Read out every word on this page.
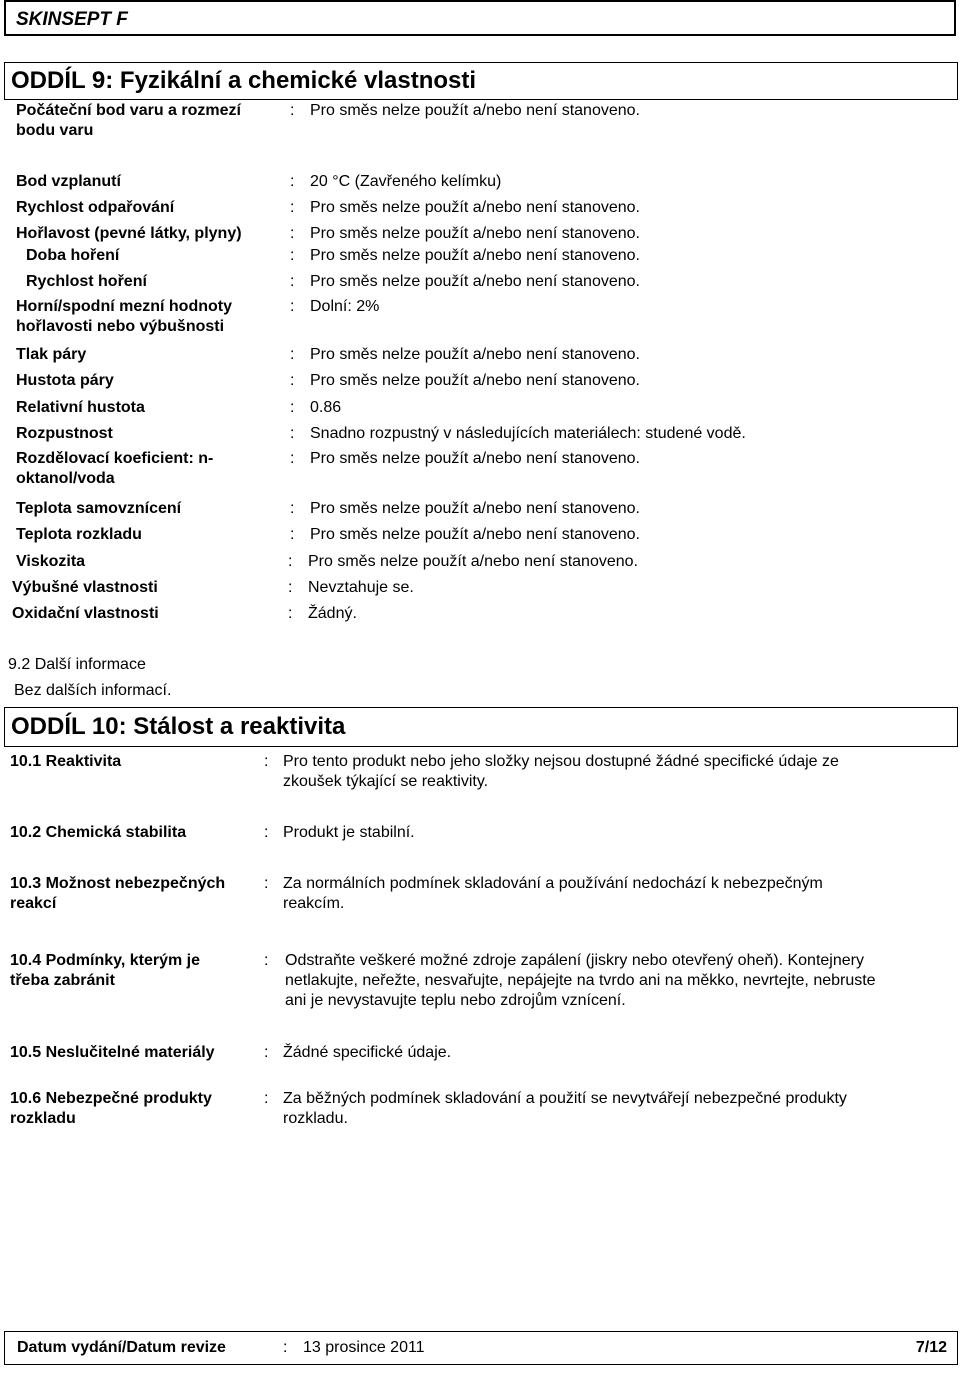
SKINSEPT F
ODDÍL 9: Fyzikální a chemické vlastnosti
Počáteční bod varu a rozmezí
bodu varu
: Pro směs nelze použít a/nebo není stanoveno.
Bod vzplanutí	: 20 °C (Zavřeného kelímku)
Rychlost odpařování	: Pro směs nelze použít a/nebo není stanoveno.
Hořlavost (pevné látky, plyny)	: Pro směs nelze použít a/nebo není stanoveno.
Doba hoření	: Pro směs nelze použít a/nebo není stanoveno.
Rychlost hoření	: Pro směs nelze použít a/nebo není stanoveno.
Horní/spodní mezní hodnoty
hořlavosti nebo výbušnosti
: Dolní: 2%
Tlak páry	: Pro směs nelze použít a/nebo není stanoveno.
Hustota páry	: Pro směs nelze použít a/nebo není stanoveno.
Relativní hustota	: 0.86
Rozpustnost	: Snadno rozpustný v následujících materiálech: studené vodě.
Rozdělovací koeficient: n-
oktanol/voda
: Pro směs nelze použít a/nebo není stanoveno.
Teplota samovznícení	: Pro směs nelze použít a/nebo není stanoveno.
Teplota rozkladu	: Pro směs nelze použít a/nebo není stanoveno.
Viskozita	: Pro směs nelze použít a/nebo není stanoveno.
Výbušné vlastnosti	: Nevztahuje se.
Oxidační vlastnosti	: Žádný.
9.2 Další informace
Bez dalších informací.
ODDÍL 10: Stálost a reaktivita
10.1 Reaktivita	: Pro tento produkt nebo jeho složky nejsou dostupné žádné specifické údaje ze
zkoušek týkající se reaktivity.
10.2 Chemická stabilita	: Produkt je stabilní.
10.3 Možnost nebezpečných
reakcí
: Za normálních podmínek skladování a používání nedochází k nebezpečným
reakcím.
10.4 Podmínky, kterým je
třeba zabránit
: Odstraňte veškeré možné zdroje zapálení (jiskry nebo otevřený oheň). Kontejnery
netlakujte, neřežte, nesvařujte, nepájejte na tvrdo ani na měkko, nevrtejte, nebruste
ani je nevystavujte teplu nebo zdrojům vznícení.
10.5 Neslučitelné materiály	: Žádné specifické údaje.
10.6 Nebezpečné produkty
rozkladu
: Za běžných podmínek skladování a použití se nevytvářejí nebezpečné produkty
rozkladu.
Datum vydání/Datum revize	: 13 prosince 2011	7/12
